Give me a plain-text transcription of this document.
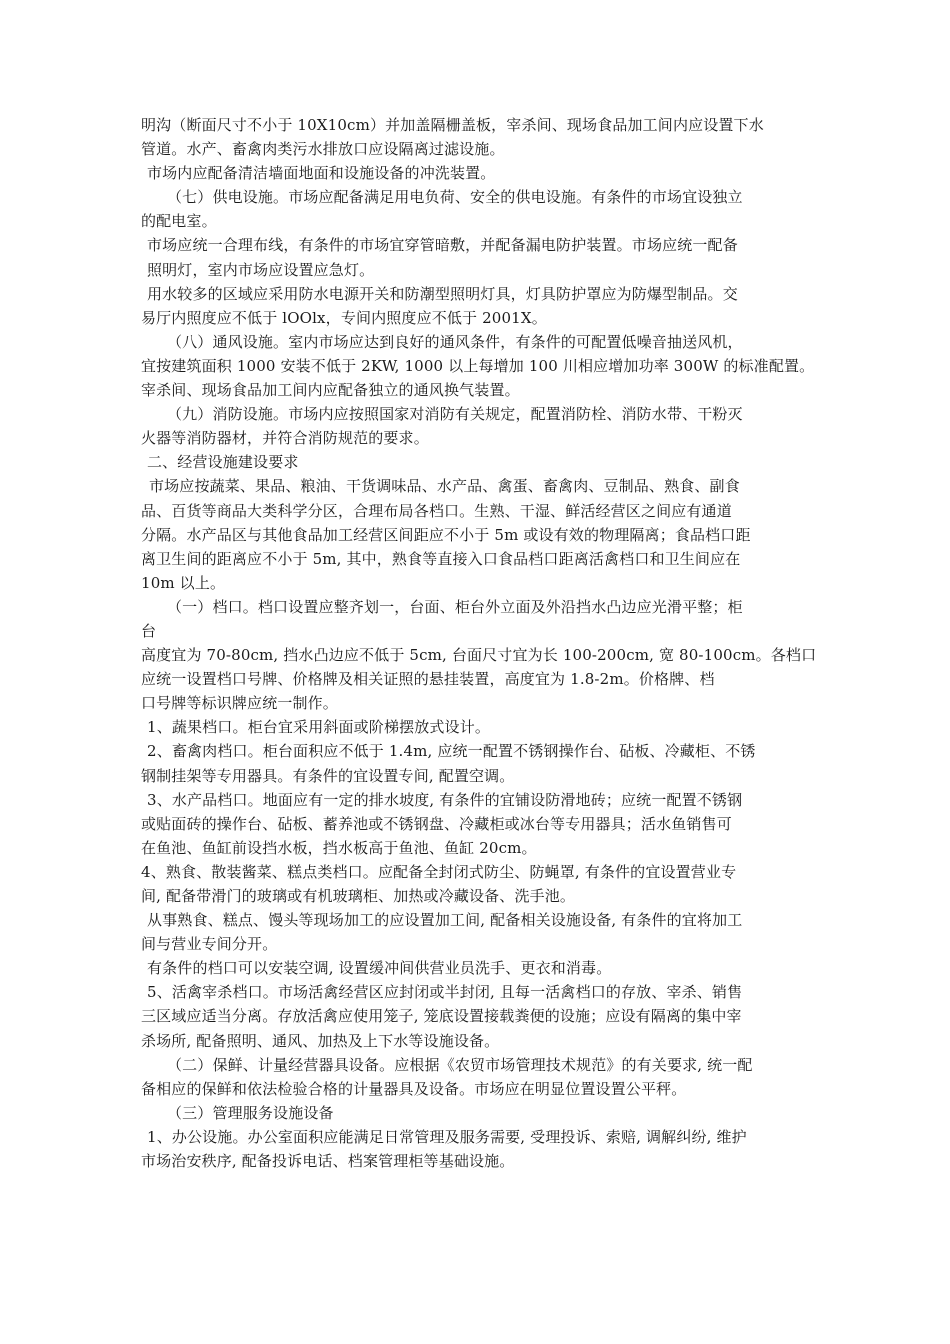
明沟（断面尺寸不小于 10X10cm）并加盖隔栅盖板，宰杀间、现场食品加工间内应设置下水
管道。水产、畜禽肉类污水排放口应设隔离过滤设施。
市场内应配备清洁墙面地面和设施设备的冲洗装置。
（七）供电设施。市场应配备满足用电负荷、安全的供电设施。有条件的市场宜设独立
的配电室。
市场应统一合理布线，有条件的市场宜穿管暗敷，并配备漏电防护装置。市场应统一配备
照明灯，室内市场应设置应急灯。
用水较多的区域应采用防水电源开关和防潮型照明灯具，灯具防护罩应为防爆型制品。交
易厅内照度应不低于 lOOlx，专间内照度应不低于 2001X。
（八）通风设施。室内市场应达到良好的通风条件，有条件的可配置低噪音抽送风机，
宜按建筑面积 1000 安装不低于 2KW, 1000 以上每增加 100 川相应增加功率 300W 的标准配置。
宰杀间、现场食品加工间内应配备独立的通风换气装置。
（九）消防设施。市场内应按照国家对消防有关规定，配置消防栓、消防水带、干粉灭
火器等消防器材，并符合消防规范的要求。
二、经营设施建设要求
市场应按蔬菜、果品、粮油、干货调味品、水产品、禽蛋、畜禽肉、豆制品、熟食、副食
品、百货等商品大类科学分区，合理布局各档口。生熟、干湿、鲜活经营区之间应有通道
分隔。水产品区与其他食品加工经营区间距应不小于 5m 或设有效的物理隔离；食品档口距
离卫生间的距离应不小于 5m, 其中，熟食等直接入口食品档口距离活禽档口和卫生间应在
10m 以上。
（一）档口。档口设置应整齐划一，台面、柜台外立面及外沿挡水凸边应光滑平整；柜
台
高度宜为 70-80cm, 挡水凸边应不低于 5cm, 台面尺寸宜为长 100-200cm, 宽 80-100cm。各档口
应统一设置档口号牌、价格牌及相关证照的悬挂装置，高度宜为 1.8-2m。价格牌、档
口号牌等标识牌应统一制作。
1、蔬果档口。柜台宜采用斜面或阶梯摆放式设计。
2、畜禽肉档口。柜台面积应不低于 1.4m, 应统一配置不锈钢操作台、砧板、冷藏柜、不锈
钢制挂架等专用器具。有条件的宜设置专间, 配置空调。
3、水产品档口。地面应有一定的排水坡度, 有条件的宜铺设防滑地砖；应统一配置不锈钢
或贴面砖的操作台、砧板、蓄养池或不锈钢盘、冷藏柜或冰台等专用器具；活水鱼销售可
在鱼池、鱼缸前设挡水板，挡水板高于鱼池、鱼缸 20cm。
4、熟食、散装酱菜、糕点类档口。应配备全封闭式防尘、防蝇罩, 有条件的宜设置营业专
间, 配备带滑门的玻璃或有机玻璃柜、加热或冷藏设备、洗手池。
从事熟食、糕点、馒头等现场加工的应设置加工间, 配备相关设施设备, 有条件的宜将加工
间与营业专间分开。
有条件的档口可以安装空调, 设置缓冲间供营业员洗手、更衣和消毒。
5、活禽宰杀档口。市场活禽经营区应封闭或半封闭, 且每一活禽档口的存放、宰杀、销售
三区域应适当分离。存放活禽应使用笼子, 笼底设置接载粪便的设施；应设有隔离的集中宰
杀场所, 配备照明、通风、加热及上下水等设施设备。
（二）保鲜、计量经营器具设备。应根据《农贸市场管理技术规范》的有关要求, 统一配
备相应的保鲜和依法检验合格的计量器具及设备。市场应在明显位置设置公平秤。
（三）管理服务设施设备
1、办公设施。办公室面积应能满足日常管理及服务需要, 受理投诉、索赔, 调解纠纷, 维护
市场治安秩序, 配备投诉电话、档案管理柜等基础设施。
